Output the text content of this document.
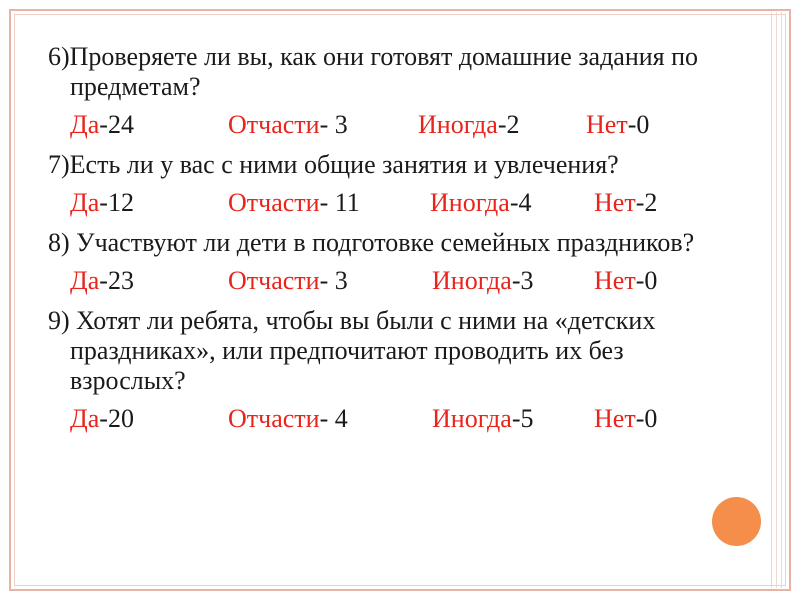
6)Проверяете ли вы, как они готовят домашние задания по предметам?
Да-24	Отчасти- 3	Иногда-2	Нет-0
7)Есть ли у вас с ними общие занятия и увлечения?
Да-12	Отчасти- 11	Иногда-4 Нет-2
8) Участвуют ли дети в подготовке семейных праздников?
Да-23	Отчасти- 3	Иногда-3 Нет-0
9) Хотят ли ребята, чтобы вы были с ними на «детских праздниках», или предпочитают проводить их без взрослых?
Да-20	Отчасти- 4	Иногда-5 Нет-0
